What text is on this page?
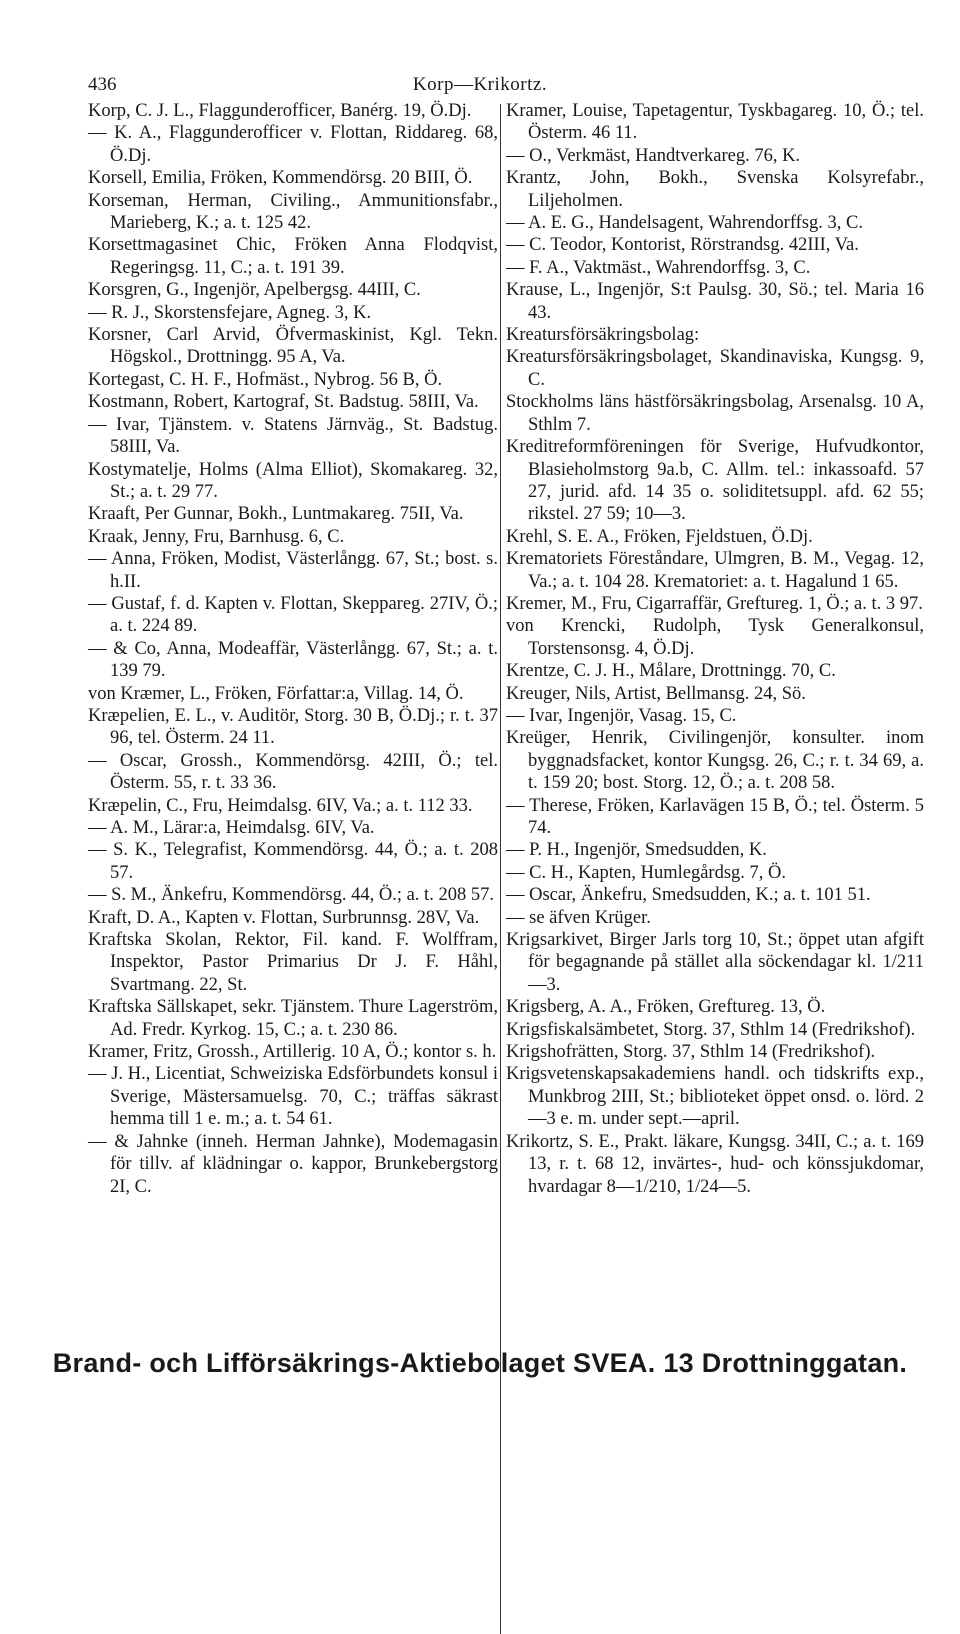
436	Korp—Krikortz.
Korp, C. J. L., Flaggunderofficer, Banérg. 19, Ö.Dj.
— K. A., Flaggunderofficer v. Flottan, Riddareg. 68, Ö.Dj.
Korsell, Emilia, Fröken, Kommendörsg. 20 BIII, Ö.
Korseman, Herman, Civiling., Ammunitionsfabr., Marieberg, K.; a. t. 125 42.
Korsettmagasinet Chic, Fröken Anna Flodqvist, Regeringsg. 11, C.; a. t. 191 39.
Korsgren, G., Ingenjör, Apelbergsg. 44III, C.
— R. J., Skorstensfejare, Agneg. 3, K.
Korsner, Carl Arvid, Öfvermaskinist, Kgl. Tekn. Högskol., Drottningg. 95 A, Va.
Kortegast, C. H. F., Hofmäst., Nybrog. 56 B, Ö.
Kostmann, Robert, Kartograf, St. Badstug. 58III, Va.
— Ivar, Tjänstem. v. Statens Järnväg., St. Badstug. 58III, Va.
Kostymatelje, Holms (Alma Elliot), Skomakareg. 32, St.; a. t. 29 77.
Kraaft, Per Gunnar, Bokh., Luntmakareg. 75II, Va.
Kraak, Jenny, Fru, Barnhusg. 6, C.
— Anna, Fröken, Modist, Västerlångg. 67, St.; bost. s. h.II.
— Gustaf, f. d. Kapten v. Flottan, Skeppareg. 27IV, Ö.; a. t. 224 89.
— & Co, Anna, Modeaffär, Västerlångg. 67, St.; a. t. 139 79.
von Kræmer, L., Fröken, Författar:a, Villag. 14, Ö.
Kræpelien, E. L., v. Auditör, Storg. 30 B, Ö.Dj.; r. t. 37 96, tel. Österm. 24 11.
— Oscar, Grossh., Kommendörsg. 42III, Ö.; tel. Österm. 55, r. t. 33 36.
Kræpelin, C., Fru, Heimdalsg. 6IV, Va.; a. t. 112 33.
— A. M., Lärar:a, Heimdalsg. 6IV, Va.
— S. K., Telegrafist, Kommendörsg. 44, Ö.; a. t. 208 57.
— S. M., Änkefru, Kommendörsg. 44, Ö.; a. t. 208 57.
Kraft, D. A., Kapten v. Flottan, Surbrunnsg. 28V, Va.
Kraftska Skolan, Rektor, Fil. kand. F. Wolffram, Inspektor, Pastor Primarius Dr J. F. Håhl, Svartmang. 22, St.
Kraftska Sällskapet, sekr. Tjänstem. Thure Lagerström, Ad. Fredr. Kyrkog. 15, C.; a. t. 230 86.
Kramer, Fritz, Grossh., Artillerig. 10 A, Ö.; kontor s. h.
— J. H., Licentiat, Schweiziska Edsförbundets konsul i Sverige, Mästersamuelsg. 70, C.; träffas säkrast hemma till 1 e. m.; a. t. 54 61.
— & Jahnke (inneh. Herman Jahnke), Modemagasin för tillv. af klädningar o. kappor, Brunkebergstorg 2I, C.
Kramer, Louise, Tapetagentur, Tyskbagareg. 10, Ö.; tel. Österm. 46 11.
— O., Verkmäst, Handtverkareg. 76, K.
Krantz, John, Bokh., Svenska Kolsyrefabr., Liljeholmen.
— A. E. G., Handelsagent, Wahrendorffsg. 3, C.
— C. Teodor, Kontorist, Rörstrandsg. 42III, Va.
— F. A., Vaktmäst., Wahrendorffsg. 3, C.
Krause, L., Ingenjör, S:t Paulsg. 30, Sö.; tel. Maria 16 43.
Kreatursförsäkringsbolag:
Kreatursförsäkringsbolaget, Skandinaviska, Kungsg. 9, C.
Stockholms läns hästförsäkringsbolag, Arsenalsg. 10 A, Sthlm 7.
Kreditreformföreningen för Sverige, Hufvudkontor, Blasieholmstorg 9a.b, C. Allm. tel.: inkassoafd. 57 27, jurid. afd. 14 35 o. soliditetsuppl. afd. 62 55; rikstel. 27 59; 10—3.
Krehl, S. E. A., Fröken, Fjeldstuen, Ö.Dj.
Krematoriets Föreståndare, Ulmgren, B. M., Vegag. 12, Va.; a. t. 104 28. Krematoriet: a. t. Hagalund 1 65.
Kremer, M., Fru, Cigarraffär, Greftureg. 1, Ö.; a. t. 3 97.
von Krencki, Rudolph, Tysk Generalkonsul, Torstensonsg. 4, Ö.Dj.
Krentze, C. J. H., Målare, Drottningg. 70, C.
Kreuger, Nils, Artist, Bellmansg. 24, Sö.
— Ivar, Ingenjör, Vasag. 15, C.
Kreüger, Henrik, Civilingenjör, konsulter. inom byggnadsfacket, kontor Kungsg. 26, C.; r. t. 34 69, a. t. 159 20; bost. Storg. 12, Ö.; a. t. 208 58.
— Therese, Fröken, Karlavägen 15 B, Ö.; tel. Österm. 5 74.
— P. H., Ingenjör, Smedsudden, K.
— C. H., Kapten, Humlegårdsg. 7, Ö.
— Oscar, Änkefru, Smedsudden, K.; a. t. 101 51.
— se äfven Krüger.
Krigsarkivet, Birger Jarls torg 10, St.; öppet utan afgift för begagnande på stället alla söckendagar kl. 1/211—3.
Krigsberg, A. A., Fröken, Greftureg. 13, Ö.
Krigsfiskalsämbetet, Storg. 37, Sthlm 14 (Fredrikshof).
Krigshofrätten, Storg. 37, Sthlm 14 (Fredrikshof).
Krigsvetenskapsakademiens handl. och tidskrifts exp., Munkbrog 2III, St.; biblioteket öppet onsd. o. lörd. 2—3 e. m. under sept.—april.
Krikortz, S. E., Prakt. läkare, Kungsg. 34II, C.; a. t. 169 13, r. t. 68 12, invärtes-, hud- och könssjukdomar, hvardagar 8—1/210, 1/24—5.
Brand- och Lifförsäkrings-Aktiebolaget SVEA. 13 Drottninggatan.
